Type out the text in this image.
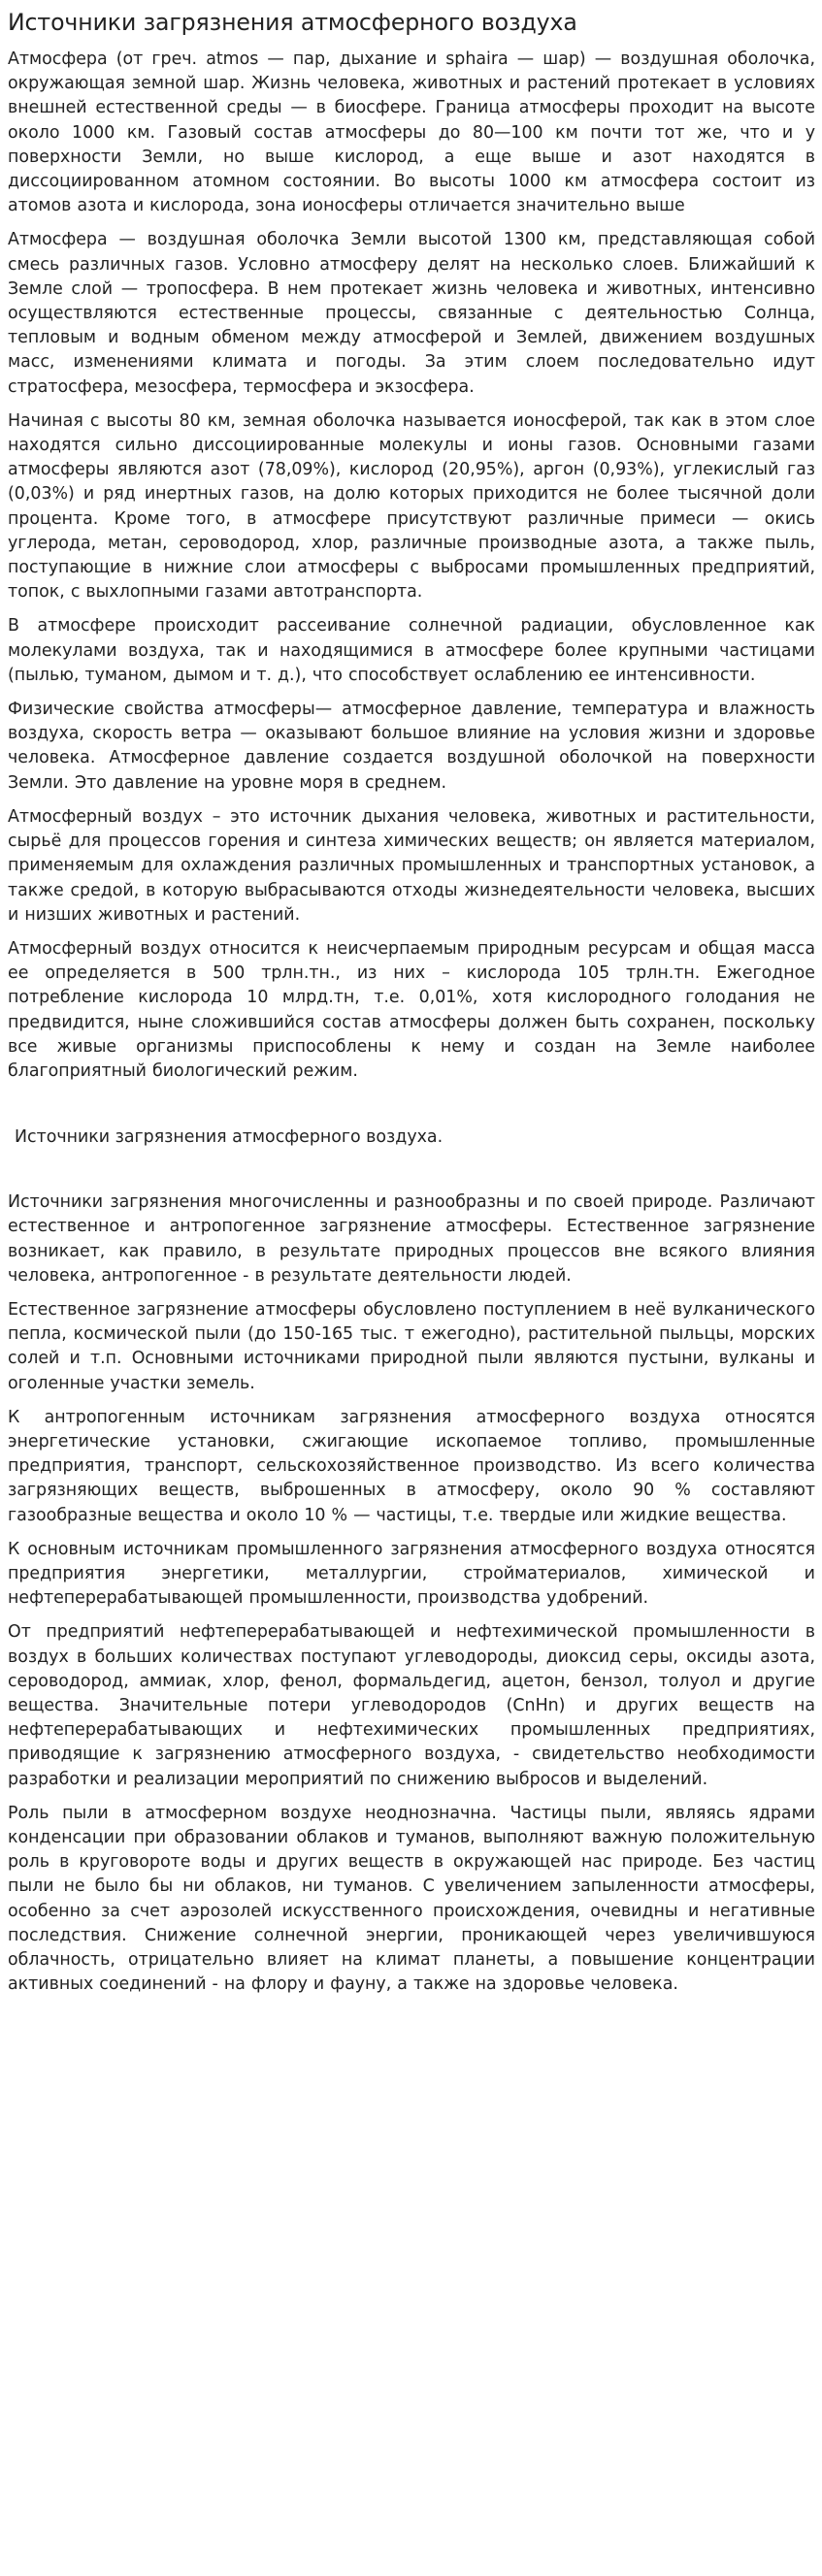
Источники загрязнения атмосферного воздуха

Атмосфера (от греч. atmos — пар, дыхание и sphaira — шар) — воздушная оболочка, окружающая земной шар. Жизнь человека, животных и растений протекает в условиях внешней естественной среды — в биосфере. Граница атмосферы проходит на высоте около 1000 км. Газовый состав атмосферы до 80—100 км почти тот же, что и у поверхности Земли, но выше кислород, а еще выше и азот находятся в диссоциированном атомном состоянии. Во высоты 1000 км атмосфера состоит из атомов азота и кислорода, зона ионосферы отличается значительно выше

Атмосфера — воздушная оболочка Земли высотой 1300 км, представляющая собой смесь различных газов. Условно атмосферу делят на несколько слоев. Ближайший к Земле слой — тропосфера. В нем протекает жизнь человека и животных, интенсивно осуществляются естественные процессы, связанные с деятельностью Солнца, тепловым и водным обменом между атмосферой и Землей, движением воздушных масс, изменениями климата и погоды. За этим слоем последовательно идут стратосфера, мезосфера, термосфера и экзосфера.

Начиная с высоты 80 км, земная оболочка называется ионосферой, так как в этом слое находятся сильно диссоциированные молекулы и ионы газов. Основными газами атмосферы являются азот (78,09%), кислород (20,95%), аргон (0,93%), углекислый газ (0,03%) и ряд инертных газов, на долю которых приходится не более тысячной доли процента. Кроме того, в атмосфере присутствуют различные примеси — окись углерода, метан, сероводород, хлор, различные производные азота, а также пыль, поступающие в нижние слои атмосферы с выбросами промышленных предприятий, топок, с выхлопными газами автотранспорта.

В атмосфере происходит рассеивание солнечной радиации, обусловленное как молекулами воздуха, так и находящимися в атмосфере более крупными частицами (пылью, туманом, дымом и т. д.), что способствует ослаблению ее интенсивности.

Физические свойства атмосферы— атмосферное давление, температура и влажность воздуха, скорость ветра — оказывают большое влияние на условия жизни и здоровье человека. Атмосферное давление создается воздушной оболочкой на поверхности Земли. Это давление на уровне моря в среднем.

Атмосферный воздух – это источник дыхания человека, животных и растительности, сырьё для процессов горения и синтеза химических веществ; он является материалом, применяемым для охлаждения различных промышленных и транспортных установок, а также средой, в которую выбрасываются отходы жизнедеятельности человека, высших и низших животных и растений.

Атмосферный воздух относится к неисчерпаемым природным ресурсам и общая масса ее определяется в 500 трлн.тн., из них – кислорода 105 трлн.тн. Ежегодное потребление кислорода 10 млрд.тн, т.е. 0,01%, хотя кислородного голодания не предвидится, ныне сложившийся состав атмосферы должен быть сохранен, поскольку все живые организмы приспособлены к нему и создан на Земле наиболее благоприятный биологический режим.

Источники загрязнения атмосферного воздуха.

Источники загрязнения многочисленны и разнообразны и по своей природе. Различают естественное и антропогенное загрязнение атмосферы. Естественное загрязнение возникает, как правило, в результате природных процессов вне всякого влияния человека, антропогенное - в результате деятельности людей.

Естественное загрязнение атмосферы обусловлено поступлением в неё вулканического пепла, космической пыли (до 150-165 тыс. т ежегодно), растительной пыльцы, морских солей и т.п. Основными источниками природной пыли являются пустыни, вулканы и оголенные участки земель.

К антропогенным источникам загрязнения атмосферного воздуха относятся энергетические установки, сжигающие ископаемое топливо, промышленные предприятия, транспорт, сельскохозяйственное производство. Из всего количества загрязняющих веществ, выброшенных в атмосферу, около 90 % составляют газообразные вещества и около 10 % — частицы, т.е. твердые или жидкие вещества.

К основным источникам промышленного загрязнения атмосферного воздуха относятся предприятия энергетики, металлургии, стройматериалов, химической и нефтеперерабатывающей промышленности, производства удобрений.

От предприятий нефтеперерабатывающей и нефтехимической промышленности в воздух в больших количествах поступают углеводороды, диоксид серы, оксиды азота, сероводород, аммиак, хлор, фенол, формальдегид, ацетон, бензол, толуол и другие вещества. Значительные потери углеводородов (CnHn) и других веществ на нефтеперерабатывающих и нефтехимических промышленных предприятиях, приводящие к загрязнению атмосферного воздуха, - свидетельство необходимости разработки и реализации мероприятий по снижению выбросов и выделений.

Роль пыли в атмосферном воздухе неоднозначна. Частицы пыли, являясь ядрами конденсации при образовании облаков и туманов, выполняют важную положительную роль в круговороте воды и других веществ в окружающей нас природе. Без частиц пыли не было бы ни облаков, ни туманов. С увеличением запыленности атмосферы, особенно за счет аэрозолей искусственного происхождения, очевидны и негативные последствия. Снижение солнечной энергии, проникающей через увеличившуюся облачность, отрицательно влияет на климат планеты, а повышение концентрации активных соединений - на флору и фауну, а также на здоровье человека.
